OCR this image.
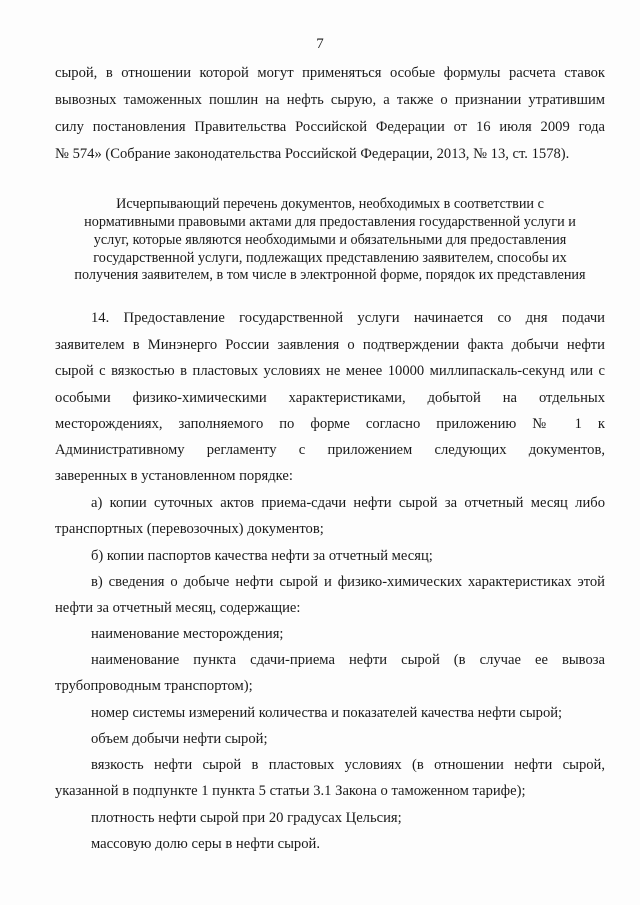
7
сырой, в отношении которой могут применяться особые формулы расчета ставок
вывозных таможенных пошлин на нефть сырую, а также о признании утратившим
силу постановления Правительства Российской Федерации от 16 июля 2009 года
№ 574» (Собрание законодательства Российской Федерации, 2013, № 13, ст. 1578).
Исчерпывающий перечень документов, необходимых в соответствии с
нормативными правовыми актами для предоставления государственной услуги и
услуг, которые являются необходимыми и обязательными для предоставления
государственной услуги, подлежащих представлению заявителем, способы их
получения заявителем, в том числе в электронной форме, порядок их представления
14. Предоставление государственной услуги начинается со дня подачи
заявителем в Минэнерго России заявления о подтверждении факта добычи нефти
сырой с вязкостью в пластовых условиях не менее 10000 миллипаскаль-секунд или с
особыми физико-химическими характеристиками, добытой на отдельных
месторождениях, заполняемого по форме согласно приложению № 1 к
Административному регламенту с приложением следующих документов,
заверенных в установленном порядке:
а) копии суточных актов приема-сдачи нефти сырой за отчетный месяц либо
транспортных (перевозочных) документов;
б) копии паспортов качества нефти за отчетный месяц;
в) сведения о добыче нефти сырой и физико-химических характеристиках этой
нефти за отчетный месяц, содержащие:
наименование месторождения;
наименование пункта сдачи-приема нефти сырой (в случае ее вывоза
трубопроводным транспортом);
номер системы измерений количества и показателей качества нефти сырой;
объем добычи нефти сырой;
вязкость нефти сырой в пластовых условиях (в отношении нефти сырой,
указанной в подпункте 1 пункта 5 статьи 3.1 Закона о таможенном тарифе);
плотность нефти сырой при 20 градусах Цельсия;
массовую долю серы в нефти сырой.
